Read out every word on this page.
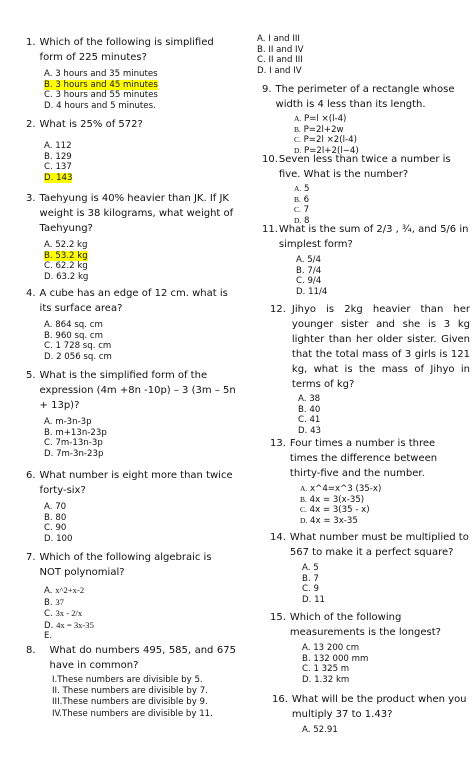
1. Which of the following is simplified form of 225 minutes?
A. 3 hours and 35 minutes
B. 3 hours and 45 minutes
C. 3 hours and 55 minutes
D. 4 hours and 5 minutes.
2. What is 25% of 572?
A. 112
B. 129
C. 137
D. 143
3. Taehyung is 40% heavier than JK. If JK weight is 38 kilograms, what weight of Taehyung?
A. 52.2 kg
B. 53.2 kg
C. 62.2 kg
D. 63.2 kg
4. A cube has an edge of 12 cm. what is its surface area?
A. 864 sq. cm
B. 960 sq. cm
C. 1 728 sq. cm
D. 2 056 sq. cm
5. What is the simplified form of the expression (4m +8n -10p) – 3 (3m – 5n + 13p)?
A. m-3n-3p
B. m+13n-23p
C. 7m-13n-3p
D. 7m-3n-23p
6. What number is eight more than twice forty-six?
A. 70
B. 80
C. 90
D. 100
7. Which of the following algebraic is NOT polynomial?
A. x^2+x-2
B. 37
C. 3x - 2/x
D. 4x = 3x-35
E.
8. What do numbers 495, 585, and 675 have in common?
I.These numbers are divisible by 5.
II. These numbers are divisible by 7.
III.These numbers are divisible by 9.
IV.These numbers are divisible by 11.
A. I and III
B. II and IV
C. II and III
D. I and IV
9. The perimeter of a rectangle whose width is 4 less than its length.
A. P=l ×(l-4)
B. P=2l+2w
C. P=2l ×2(l-4)
D. P=2l+2(l−4)
10. Seven less than twice a number is five. What is the number?
A. 5
B. 6
C. 7
D. 8
11. What is the sum of 2/3 , ¾, and 5/6 in simplest form?
A. 5/4
B. 7/4
C. 9/4
D. 11/4
12. Jihyo is 2kg heavier than her younger sister and she is 3 kg lighter than her older sister. Given that the total mass of 3 girls is 121 kg, what is the mass of Jihyo in terms of kg?
A. 38
B. 40
C. 41
D. 43
13. Four times a number is three times the difference between thirty-five and the number.
A. x^4=x^3 (35-x)
B. 4x = 3(x-35)
C. 4x = 3(35 - x)
D. 4x = 3x-35
14. What number must be multiplied to 567 to make it a perfect square?
A. 5
B. 7
C. 9
D. 11
15. Which of the following measurements is the longest?
A. 13 200 cm
B. 132 000 mm
C. 1 325 m
D. 1.32 km
16. What will be the product when you multiply 37 to 1.43?
A. 52.91
